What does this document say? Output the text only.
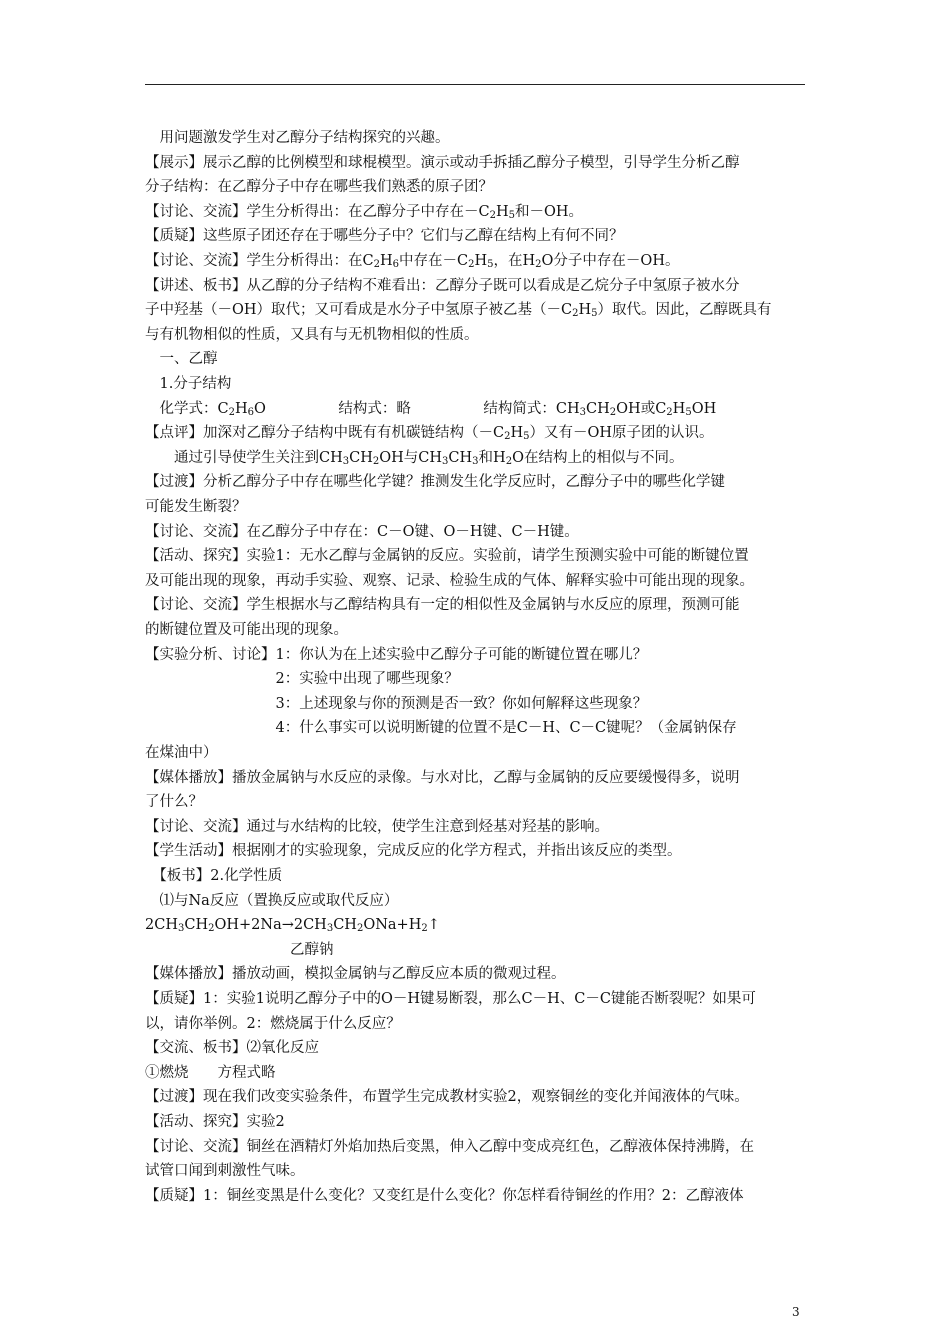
　用问题激发学生对乙醇分子结构探究的兴趣。
【展示】展示乙醇的比例模型和球棍模型。演示或动手拆插乙醇分子模型，引导学生分析乙醇
分子结构：在乙醇分子中存在哪些我们熟悉的原子团？
【讨论、交流】学生分析得出：在乙醇分子中存在$-C_2H_5$和－OH。
【质疑】这些原子团还存在于哪些分子中？它们与乙醇在结构上有何不同？
【讨论、交流】学生分析得出：在$C_2H_6$中存在$-C_2H_5$，在$H_2O$分子中存在－OH。
【讲述、板书】从乙醇的分子结构不难看出：乙醇分子既可以看成是乙烷分子中氢原子被水分
子中羟基（－OH）取代；又可看成是水分子中氢原子被乙基$(-C_2H_5)$取代。因此，乙醇既具有
与有机物相似的性质，又具有与无机物相似的性质。
　一、乙醇
　1.分子结构
　化学式：$C_2H_6O$　　　　　结构式：略　　　　　结构简式：$CH_3CH_2OH$或$C_2H_5OH$
【点评】加深对乙醇分子结构中既有有机碳链结构$(-C_2H_5)$又有－OH原子团的认识。
　　通过引导使学生关注到$CH_3CH_2OH$与$CH_3CH_3$和$H_2O$在结构上的相似与不同。
【过渡】分析乙醇分子中存在哪些化学键？推测发生化学反应时，乙醇分子中的哪些化学键
可能发生断裂？
【讨论、交流】在乙醇分子中存在：C－O键、O－H键、C－H键。
【活动、探究】实验1：无水乙醇与金属钠的反应。实验前，请学生预测实验中可能的断键位置
及可能出现的现象，再动手实验、观察、记录、检验生成的气体、解释实验中可能出现的现象。
【讨论、交流】学生根据水与乙醇结构具有一定的相似性及金属钠与水反应的原理，预测可能
的断键位置及可能出现的现象。
【实验分析、讨论】1：你认为在上述实验中乙醇分子可能的断键位置在哪儿？
　　　　　　　　　2：实验中出现了哪些现象？
　　　　　　　　　3：上述现象与你的预测是否一致？你如何解释这些现象？
　　　　　　　　　4：什么事实可以说明断键的位置不是C－H、C－C键呢？（金属钠保存
在煤油中）
【媒体播放】播放金属钠与水反应的录像。与水对比，乙醇与金属钠的反应要缓慢得多，说明
了什么？
【讨论、交流】通过与水结构的比较，使学生注意到烃基对羟基的影响。
【学生活动】根据刚才的实验现象，完成反应的化学方程式，并指出该反应的类型。
　【板书】2.化学性质
　⑴与Na反应（置换反应或取代反应）
$2CH_3CH_2OH+2Na\to 2CH_3CH_2ONa+H_2↑$
　　　　　　　　　　乙醇钠
【媒体播放】播放动画，模拟金属钠与乙醇反应本质的微观过程。
【质疑】1：实验1说明乙醇分子中的O－H键易断裂，那么C－H、C－C键能否断裂呢？如果可
以，请你举例。2：燃烧属于什么反应？
【交流、板书】⑵氧化反应
①燃烧　　方程式略
【过渡】现在我们改变实验条件，布置学生完成教材实验2，观察铜丝的变化并闻液体的气味。
【活动、探究】实验2
【讨论、交流】铜丝在酒精灯外焰加热后变黑，伸入乙醇中变成亮红色，乙醇液体保持沸腾，在
试管口闻到刺激性气味。
【质疑】1：铜丝变黑是什么变化？又变红是什么变化？你怎样看待铜丝的作用？2：乙醇液体
3
